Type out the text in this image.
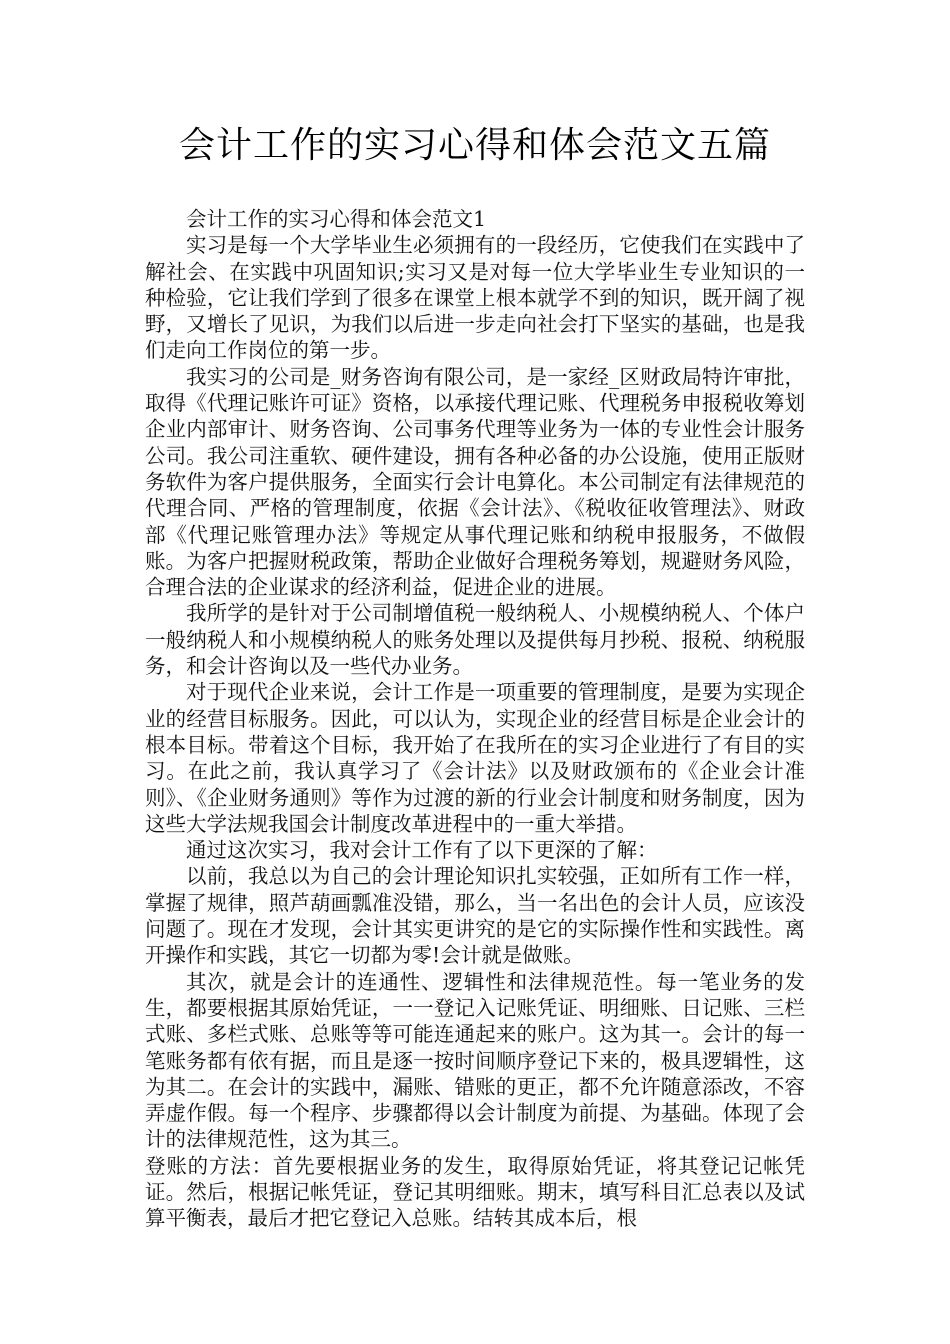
会计工作的实习心得和体会范文五篇

会计工作的实习心得和体会范文1

实习是每一个大学毕业生必须拥有的一段经历，它使我们在实践中了解社会、在实践中巩固知识;实习又是对每一位大学毕业生专业知识的一种检验，它让我们学到了很多在课堂上根本就学不到的知识，既开阔了视野，又增长了见识，为我们以后进一步走向社会打下坚实的基础，也是我们走向工作岗位的第一步。

我实习的公司是_财务咨询有限公司，是一家经_区财政局特许审批，取得《代理记账许可证》资格，以承接代理记账、代理税务申报税收筹划企业内部审计、财务咨询、公司事务代理等业务为一体的专业性会计服务公司。我公司注重软、硬件建设，拥有各种必备的办公设施，使用正版财务软件为客户提供服务，全面实行会计电算化。本公司制定有法律规范的代理合同、严格的管理制度，依据《会计法》、《税收征收管理法》、财政部《代理记账管理办法》等规定从事代理记账和纳税申报服务，不做假账。为客户把握财税政策，帮助企业做好合理税务筹划，规避财务风险，合理合法的企业谋求的经济利益，促进企业的进展。

我所学的是针对于公司制增值税一般纳税人、小规模纳税人、个体户一般纳税人和小规模纳税人的账务处理以及提供每月抄税、报税、纳税服务，和会计咨询以及一些代办业务。

对于现代企业来说，会计工作是一项重要的管理制度，是要为实现企业的经营目标服务。因此，可以认为，实现企业的经营目标是企业会计的根本目标。带着这个目标，我开始了在我所在的实习企业进行了有目的实习。在此之前，我认真学习了《会计法》以及财政颁布的《企业会计准则》、《企业财务通则》等作为过渡的新的行业会计制度和财务制度，因为这些大学法规我国会计制度改革进程中的一重大举措。

通过这次实习，我对会计工作有了以下更深的了解：

以前，我总以为自己的会计理论知识扎实较强，正如所有工作一样，掌握了规律，照芦葫画瓢准没错，那么，当一名出色的会计人员，应该没问题了。现在才发现，会计其实更讲究的是它的实际操作性和实践性。离开操作和实践，其它一切都为零!会计就是做账。

其次，就是会计的连通性、逻辑性和法律规范性。每一笔业务的发生，都要根据其原始凭证，一一登记入记账凭证、明细账、日记账、三栏式账、多栏式账、总账等等可能连通起来的账户。这为其一。会计的每一笔账务都有依有据，而且是逐一按时间顺序登记下来的，极具逻辑性，这为其二。在会计的实践中，漏账、错账的更正，都不允许随意添改，不容弄虚作假。每一个程序、步骤都得以会计制度为前提、为基础。体现了会计的法律规范性，这为其三。

登账的方法：首先要根据业务的发生，取得原始凭证，将其登记记帐凭证。然后，根据记帐凭证，登记其明细账。期末，填写科目汇总表以及试算平衡表，最后才把它登记入总账。结转其成本后，根
